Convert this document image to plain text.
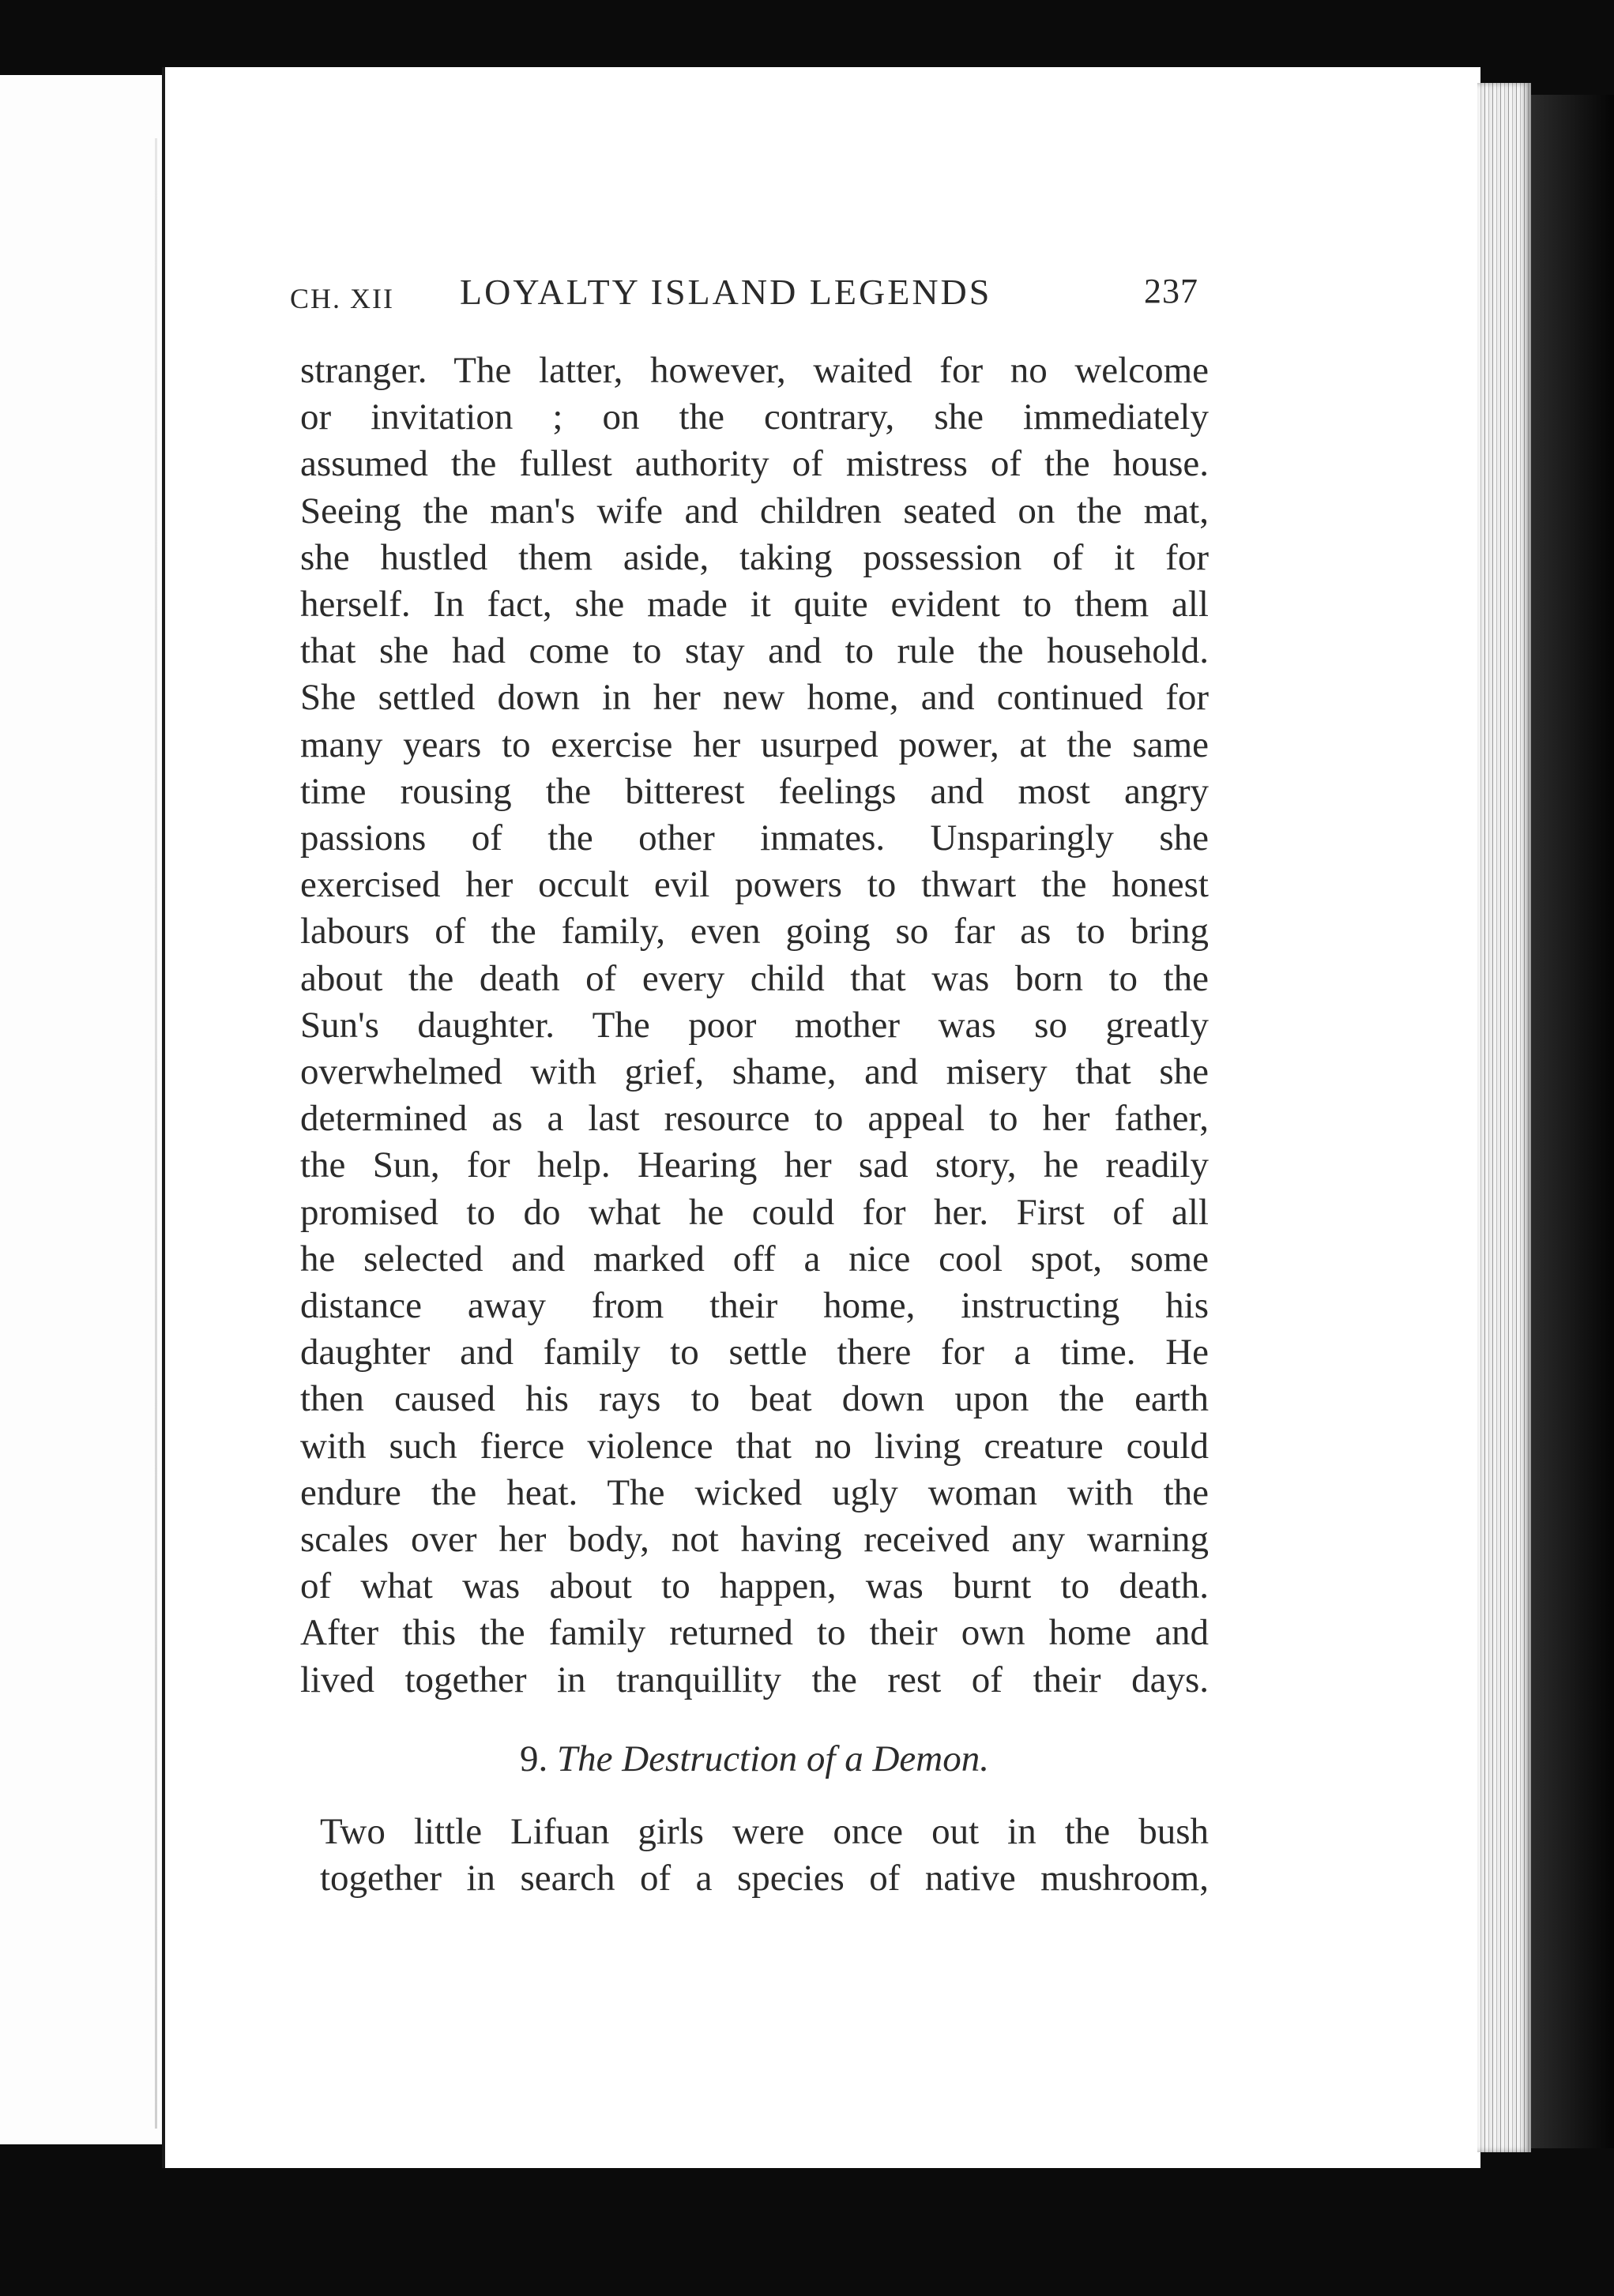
CH. XII LOYALTY ISLAND LEGENDS	237
stranger. The latter, however, waited for no welcome
or invitation ; on the contrary, she immediately
assumed the fullest authority of mistress of the house.
Seeing the man's wife and children seated on the mat,
she hustled them aside, taking possession of it for
herself. In fact, she made it quite evident to them all
that she had come to stay and to rule the household.
She settled down in her new home, and continued for
many years to exercise her usurped power, at the same
time rousing the bitterest feelings and most angry
passions of the other inmates. Unsparingly she
exercised her occult evil powers to thwart the honest
labours of the family, even going so far as to bring
about the death of every child that was born to the
Sun's daughter. The poor mother was so greatly
overwhelmed with grief, shame, and misery that she
determined as a last resource to appeal to her father,
the Sun, for help. Hearing her sad story, he readily
promised to do what he could for her. First of all
he selected and marked off a nice cool spot, some
distance away from their home, instructing his
daughter and family to settle there for a time. He
then caused his rays to beat down upon the earth
with such fierce violence that no living creature could
endure the heat. The wicked ugly woman with the
scales over her body, not having received any warning
of what was about to happen, was burnt to death.
After this the family returned to their own home and
lived together in tranquillity the rest of their days.
9. The Destruction of a Demon.
Two little Lifuan girls were once out in the bush
together in search of a species of native mushroom,
